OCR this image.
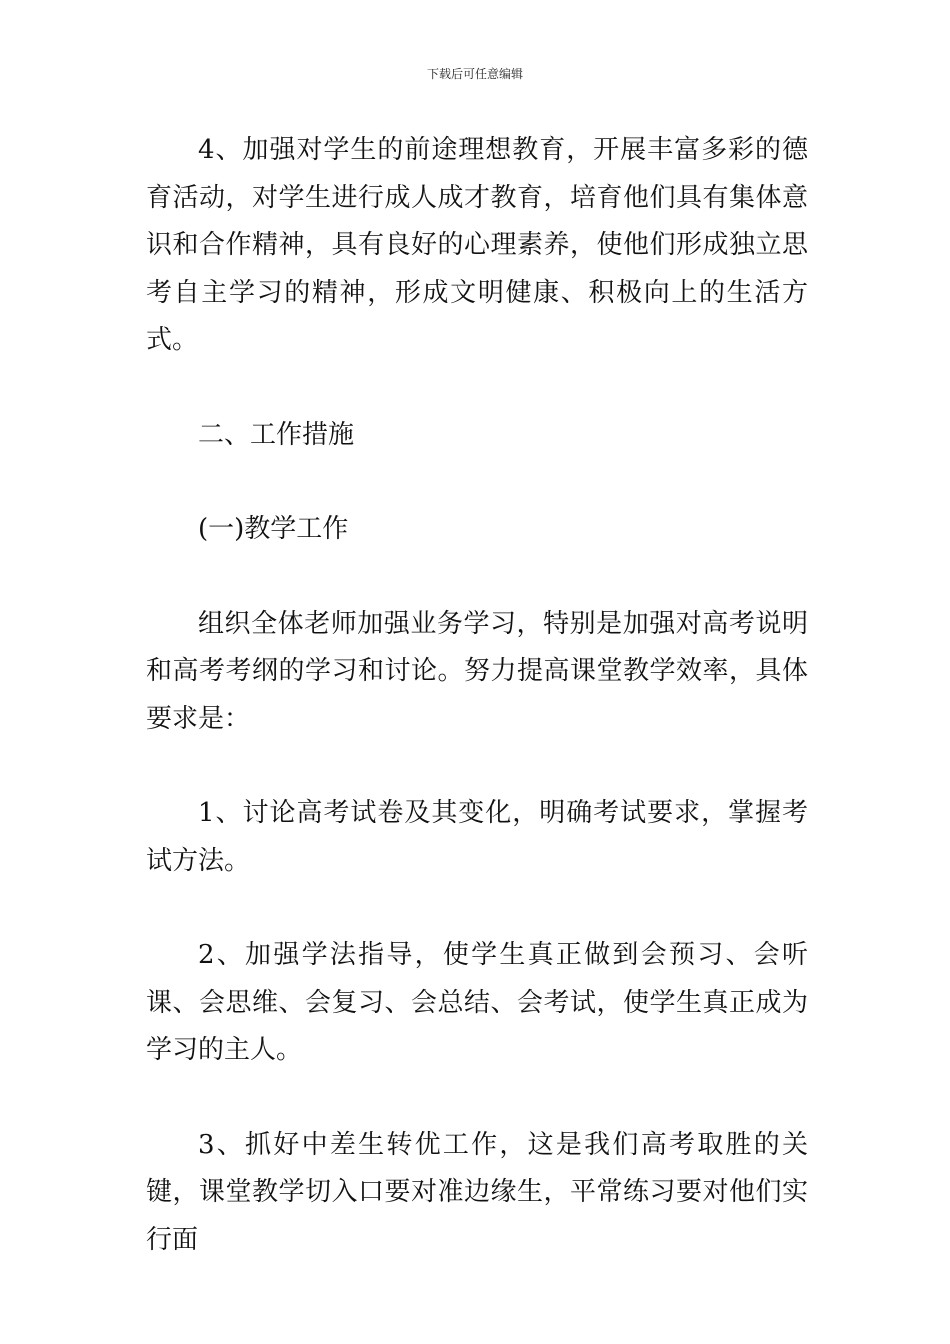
下载后可任意编辑

4、加强对学生的前途理想教育，开展丰富多彩的德育活动，对学生进行成人成才教育，培育他们具有集体意识和合作精神，具有良好的心理素养，使他们形成独立思考自主学习的精神，形成文明健康、积极向上的生活方式。

二、工作措施

(一)教学工作

组织全体老师加强业务学习，特别是加强对高考说明和高考考纲的学习和讨论。努力提高课堂教学效率，具体要求是：

1、讨论高考试卷及其变化，明确考试要求，掌握考试方法。

2、加强学法指导，使学生真正做到会预习、会听课、会思维、会复习、会总结、会考试，使学生真正成为学习的主人。

3、抓好中差生转优工作，这是我们高考取胜的关键，课堂教学切入口要对准边缘生，平常练习要对他们实行面
